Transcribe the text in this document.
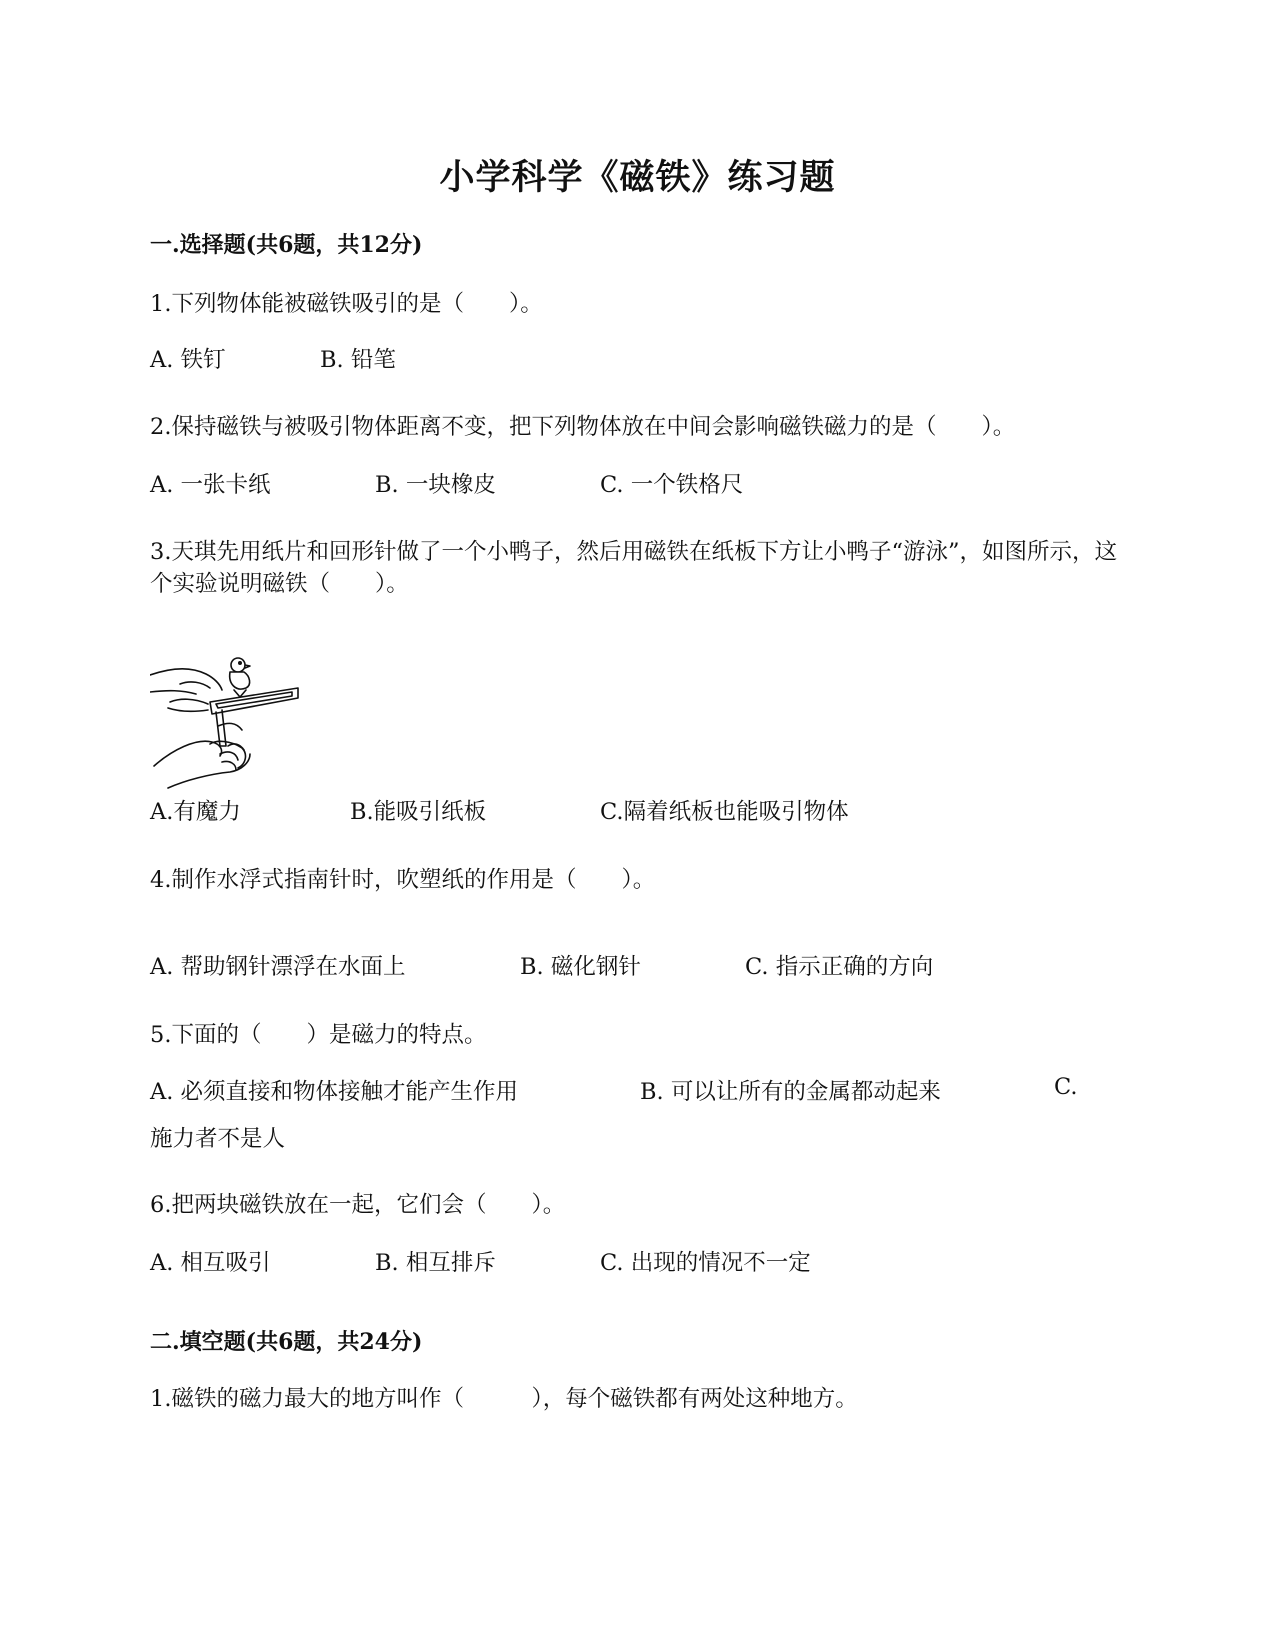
小学科学《磁铁》练习题
一.选择题(共6题，共12分)
1.下列物体能被磁铁吸引的是（　　）。
A. 铁钉	B. 铅笔
2.保持磁铁与被吸引物体距离不变，把下列物体放在中间会影响磁铁磁力的是（　　）。
A. 一张卡纸	B. 一块橡皮	C. 一个铁格尺
3.天琪先用纸片和回形针做了一个小鸭子，然后用磁铁在纸板下方让小鸭子“游泳”，如图所示，这个实验说明磁铁（　　）。
A.有魔力	B.能吸引纸板	C.隔着纸板也能吸引物体
4.制作水浮式指南针时，吹塑纸的作用是（　　）。
A. 帮助钢针漂浮在水面上	B. 磁化钢针	C. 指示正确的方向
5.下面的（　　）是磁力的特点。
A. 必须直接和物体接触才能产生作用	B. 可以让所有的金属都动起来	C.
施力者不是人
6.把两块磁铁放在一起，它们会（　　）。
A. 相互吸引	B. 相互排斥	C. 出现的情况不一定
二.填空题(共6题，共24分)
1.磁铁的磁力最大的地方叫作（　　　），每个磁铁都有两处这种地方。
